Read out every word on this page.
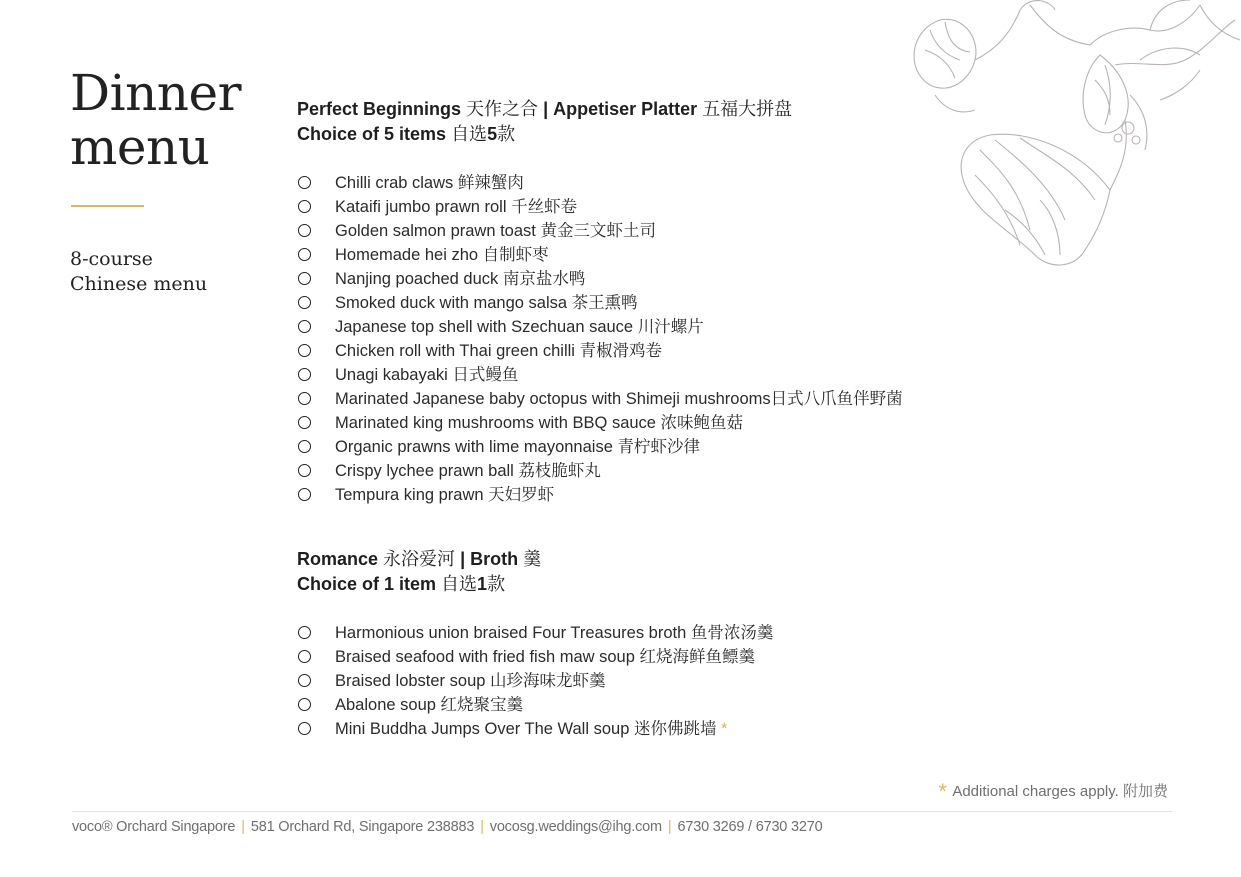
Dinner
menu
8-course
Chinese menu

Perfect Beginnings 天作之合 | Appetiser Platter 五福大拼盘

Choice of 5 items 自选5款

Chilli crab claws 鲜辣蟹肉
Kataifi jumbo prawn roll 千丝虾卷
Golden salmon prawn toast 黄金三文虾土司
Homemade hei zho 自制虾枣
Nanjing poached duck 南京盐水鸭
Smoked duck with mango salsa 茶王熏鸭
Japanese top shell with Szechuan sauce 川汁螺片
Chicken roll with Thai green chilli 青椒滑鸡卷
Unagi kabayaki 日式鳗鱼
Marinated Japanese baby octopus with Shimeji mushrooms日式八爪鱼伴野菌
Marinated king mushrooms with BBQ sauce 浓味鲍鱼菇
Organic prawns with lime mayonnaise 青柠虾沙律
Crispy lychee prawn ball 荔枝脆虾丸
Tempura king prawn 天妇罗虾

Romance 永浴爱河 | Broth 羹

Choice of 1 item 自选1款

Harmonious union braised Four Treasures broth 鱼骨浓汤羹
Braised seafood with fried fish maw soup 红烧海鲜鱼鳔羹
Braised lobster soup 山珍海味龙虾羹
Abalone soup 红烧聚宝羹
Mini Buddha Jumps Over The Wall soup 迷你佛跳墙 *
* Additional charges apply. 附加费
voco® Orchard Singapore | 581 Orchard Rd, Singapore 238883 | vocosg.weddings@ihg.com | 6730 3269 / 6730 3270
